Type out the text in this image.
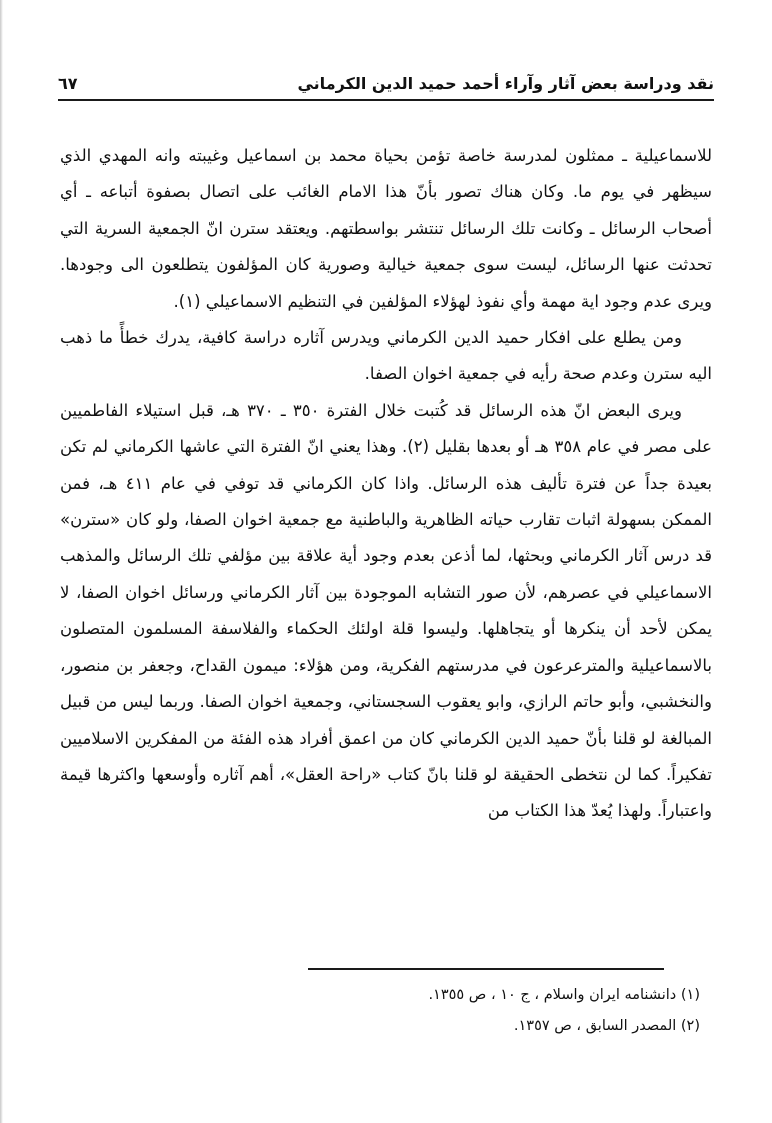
نقد ودراسة بعض آثار وآراء أحمد حميد الدين الكرماني
٦٧

للاسماعيلية ـ ممثلون لمدرسة خاصة تؤمن بحياة محمد بن اسماعيل وغيبته وانه المهدي الذي سيظهر في يوم ما. وكان هناك تصور بأنّ هذا الامام الغائب على اتصال بصفوة أتباعه ـ أي أصحاب الرسائل ـ وكانت تلك الرسائل تنتشر بواسطتهم. ويعتقد سترن انّ الجمعية السرية التي تحدثت عنها الرسائل، ليست سوى جمعية خيالية وصورية كان المؤلفون يتطلعون الى وجودها. ويرى عدم وجود اية مهمة وأي نفوذ لهؤلاء المؤلفين في التنظيم الاسماعيلي (١).

ومن يطلع على افكار حميد الدين الكرماني ويدرس آثاره دراسة كافية، يدرك خطأً ما ذهب اليه سترن وعدم صحة رأيه في جمعية اخوان الصفا.

ويرى البعض انّ هذه الرسائل قد كُتبت خلال الفترة ٣٥٠ ـ ٣٧٠ هـ، قبل استيلاء الفاطميين على مصر في عام ٣٥٨ هـ أو بعدها بقليل (٢). وهذا يعني انّ الفترة التي عاشها الكرماني لم تكن بعيدة جداً عن فترة تأليف هذه الرسائل. واذا كان الكرماني قد توفي في عام ٤١١ هـ، فمن الممكن بسهولة اثبات تقارب حياته الظاهرية والباطنية مع جمعية اخوان الصفا، ولو كان «سترن» قد درس آثار الكرماني وبحثها، لما أذعن بعدم وجود أية علاقة بين مؤلفي تلك الرسائل والمذهب الاسماعيلي في عصرهم، لأن صور التشابه الموجودة بين آثار الكرماني ورسائل اخوان الصفا، لا يمكن لأحد أن ينكرها أو يتجاهلها. وليسوا قلة اولئك الحكماء والفلاسفة المسلمون المتصلون بالاسماعيلية والمترعرعون في مدرستهم الفكرية، ومن هؤلاء: ميمون القداح، وجعفر بن منصور، والنخشبي، وأبو حاتم الرازي، وابو يعقوب السجستاني، وجمعية اخوان الصفا. وربما ليس من قبيل المبالغة لو قلنا بأنّ حميد الدين الكرماني كان من اعمق أفراد هذه الفئة من المفكرين الاسلاميين تفكيراً. كما لن نتخطى الحقيقة لو قلنا بانّ كتاب «راحة العقل»، أهم آثاره وأوسعها واكثرها قيمة واعتباراً. ولهذا يُعدّ هذا الكتاب من

(١) دانشنامه ايران واسلام ، ج ١٠ ، ص ١٣٥٥.

(٢) المصدر السابق ، ص ١٣٥٧.
